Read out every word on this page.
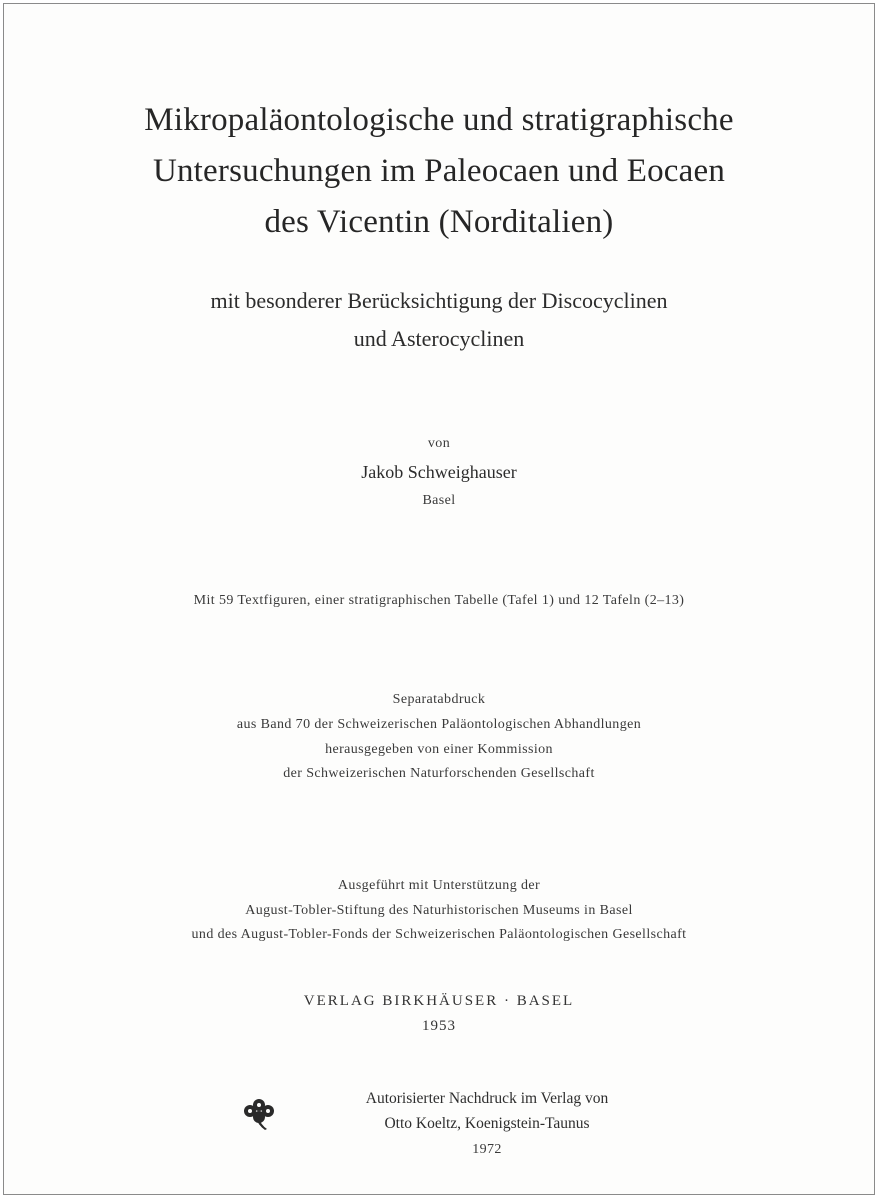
Mikropaläontologische und stratigraphische
Untersuchungen im Paleocaen und Eocaen
des Vicentin (Norditalien)
mit besonderer Berücksichtigung der Discocyclinen
und Asterocyclinen
von
Jakob Schweighauser
Basel
Mit 59 Textfiguren, einer stratigraphischen Tabelle (Tafel 1) und 12 Tafeln (2–13)
Separatabdruck
aus Band 70 der Schweizerischen Paläontologischen Abhandlungen
herausgegeben von einer Kommission
der Schweizerischen Naturforschenden Gesellschaft
Ausgeführt mit Unterstützung der
August-Tobler-Stiftung des Naturhistorischen Museums in Basel
und des August-Tobler-Fonds der Schweizerischen Paläontologischen Gesellschaft
VERLAG BIRKHÄUSER · BASEL
1953
Autorisierter Nachdruck im Verlag von
Otto Koeltz, Koenigstein-Taunus
1972
